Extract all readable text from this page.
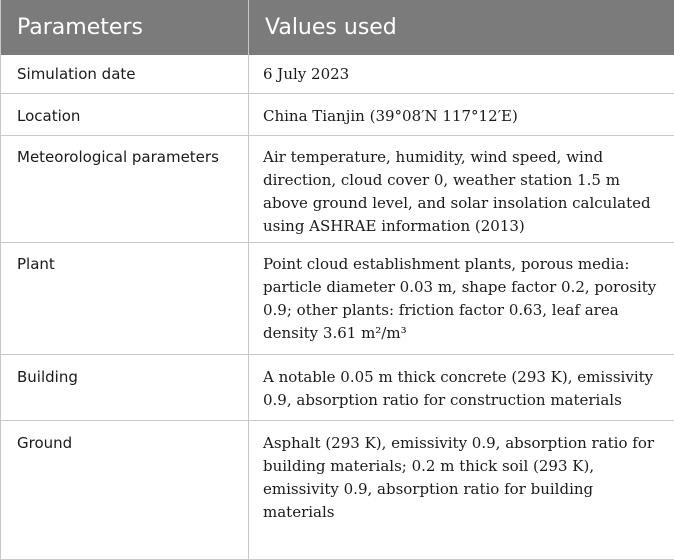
Parameters	Values used
Simulation date	6 July 2023
Location	China Tianjin (39°08′N 117°12′E)
Meteorological parameters	Air temperature, humidity, wind speed, wind direction, cloud cover 0, weather station 1.5 m above ground level, and solar insolation calculated using ASHRAE information (2013)
Plant	Point cloud establishment plants, porous media: particle diameter 0.03 m, shape factor 0.2, porosity 0.9; other plants: friction factor 0.63, leaf area density 3.61 m²/m³
Building	A notable 0.05 m thick concrete (293 K), emissivity 0.9, absorption ratio for construction materials
Ground	Asphalt (293 K), emissivity 0.9, absorption ratio for building materials; 0.2 m thick soil (293 K), emissivity 0.9, absorption ratio for building materials
